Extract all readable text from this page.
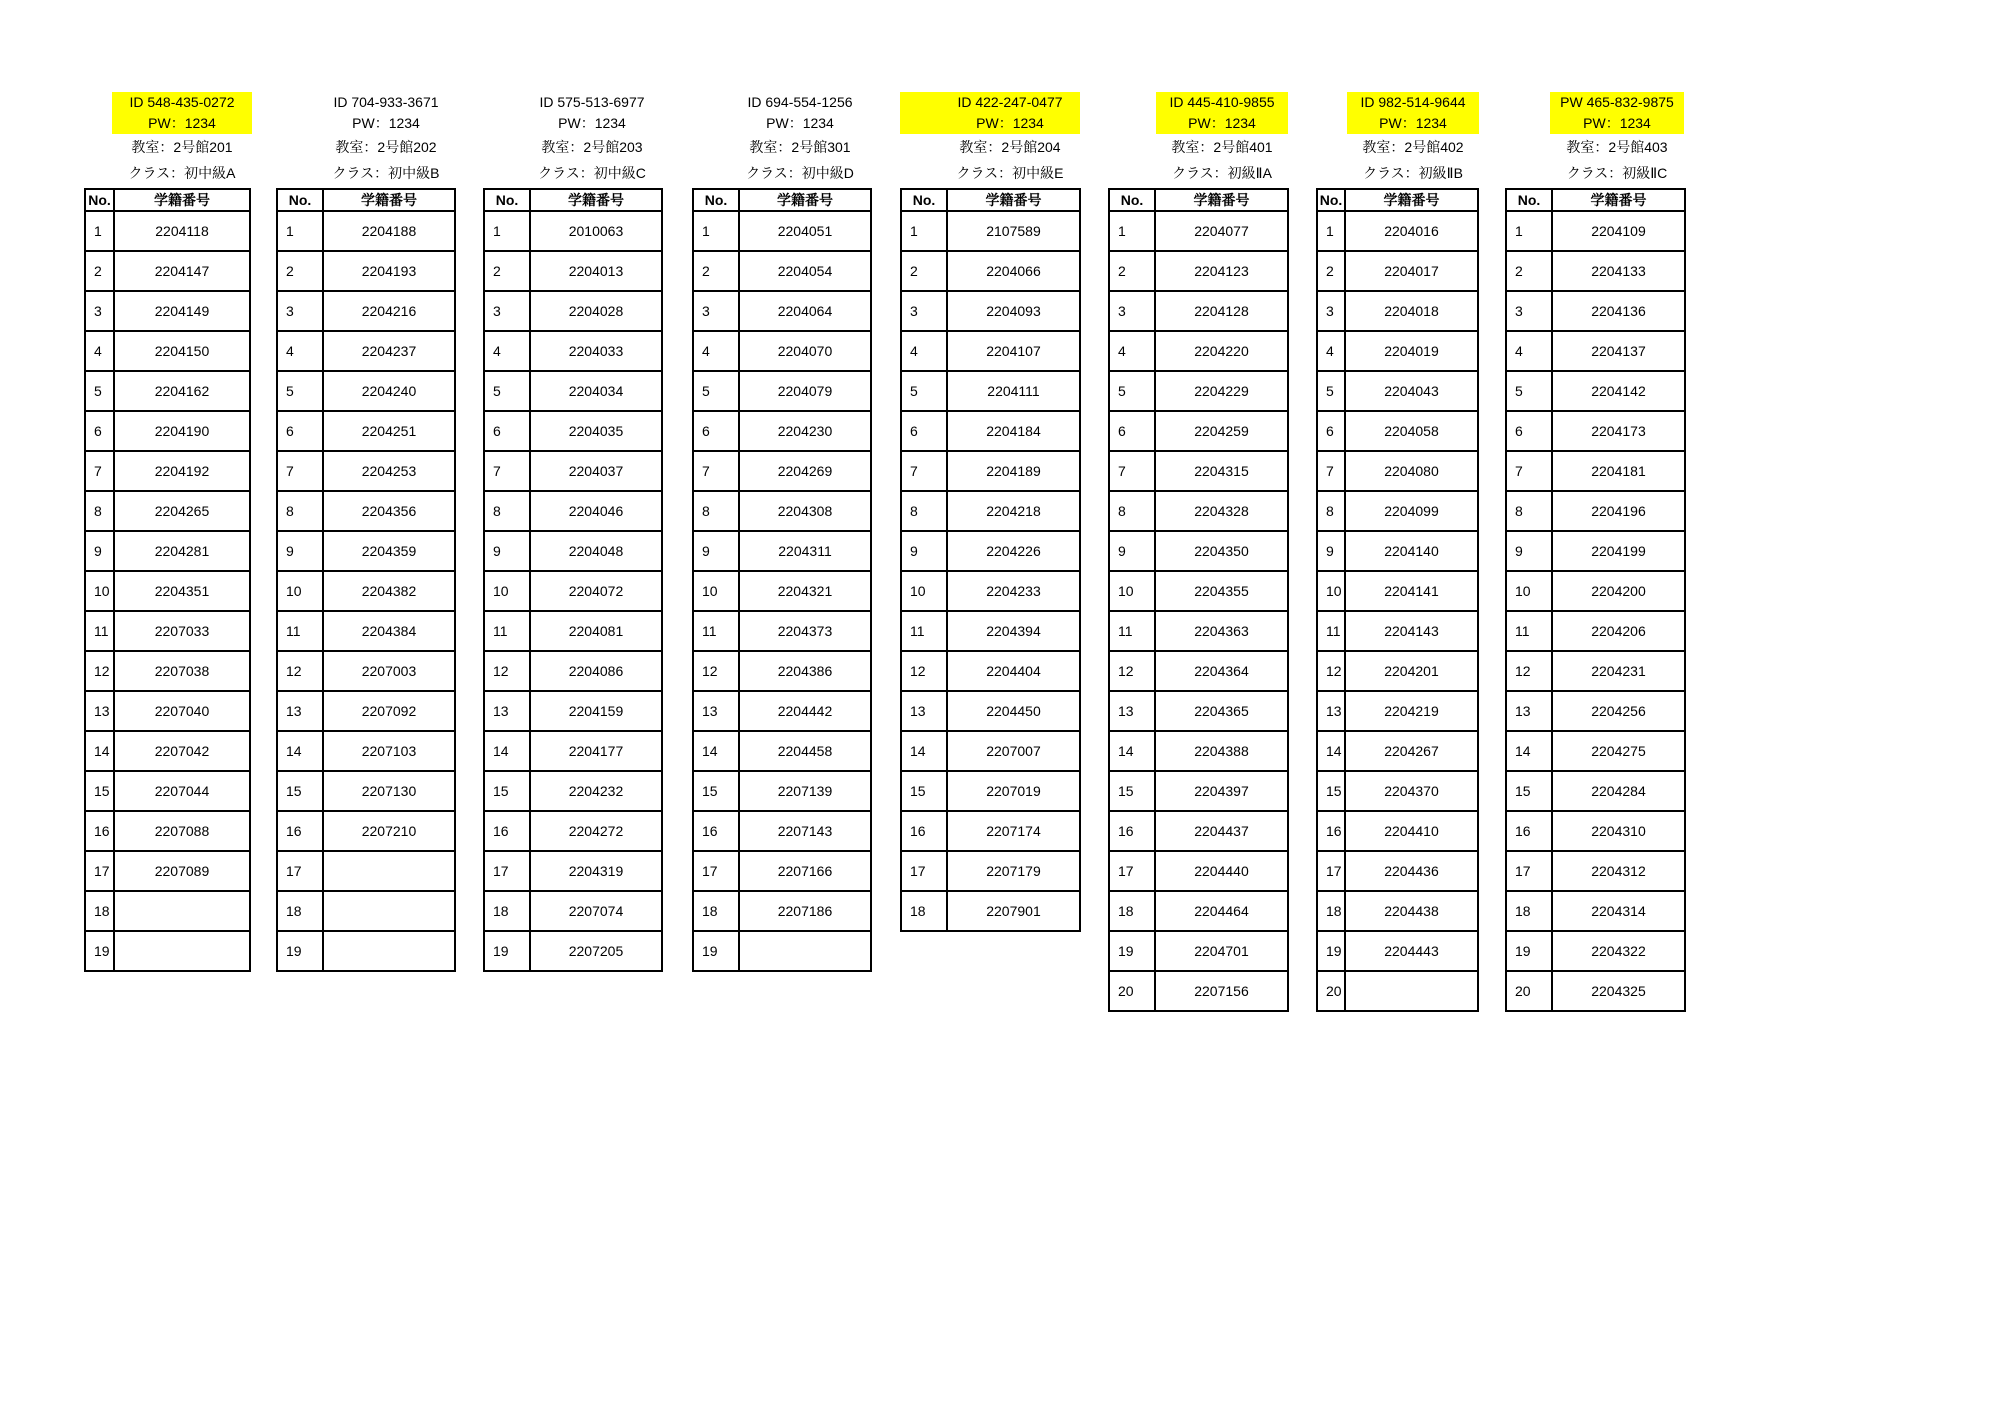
ID 548-435-0272
PW：1234
教室：2号館201
クラス：初中級A
No.	学籍番号
1	2204118
2	2204147
3	2204149
4	2204150
5	2204162
6	2204190
7	2204192
8	2204265
9	2204281
10	2204351
11	2207033
12	2207038
13	2207040
14	2207042
15	2207044
16	2207088
17	2207089
18	
19	
ID 704-933-3671
PW：1234
教室：2号館202
クラス：初中級B
No.	学籍番号
1	2204188
2	2204193
3	2204216
4	2204237
5	2204240
6	2204251
7	2204253
8	2204356
9	2204359
10	2204382
11	2204384
12	2207003
13	2207092
14	2207103
15	2207130
16	2207210
17	
18	
19	
ID 575-513-6977
PW：1234
教室：2号館203
クラス：初中級C
No.	学籍番号
1	2010063
2	2204013
3	2204028
4	2204033
5	2204034
6	2204035
7	2204037
8	2204046
9	2204048
10	2204072
11	2204081
12	2204086
13	2204159
14	2204177
15	2204232
16	2204272
17	2204319
18	2207074
19	2207205
ID 694-554-1256
PW：1234
教室：2号館301
クラス：初中級D
No.	学籍番号
1	2204051
2	2204054
3	2204064
4	2204070
5	2204079
6	2204230
7	2204269
8	2204308
9	2204311
10	2204321
11	2204373
12	2204386
13	2204442
14	2204458
15	2207139
16	2207143
17	2207166
18	2207186
19	
ID 422-247-0477
PW：1234
教室：2号館204
クラス：初中級E
No.	学籍番号
1	2107589
2	2204066
3	2204093
4	2204107
5	2204111
6	2204184
7	2204189
8	2204218
9	2204226
10	2204233
11	2204394
12	2204404
13	2204450
14	2207007
15	2207019
16	2207174
17	2207179
18	2207901
ID 445-410-9855
PW：1234
教室：2号館401
クラス：初級ⅡA
No.	学籍番号
1	2204077
2	2204123
3	2204128
4	2204220
5	2204229
6	2204259
7	2204315
8	2204328
9	2204350
10	2204355
11	2204363
12	2204364
13	2204365
14	2204388
15	2204397
16	2204437
17	2204440
18	2204464
19	2204701
20	2207156
ID 982-514-9644
PW：1234
教室：2号館402
クラス：初級ⅡB
No.	学籍番号
1	2204016
2	2204017
3	2204018
4	2204019
5	2204043
6	2204058
7	2204080
8	2204099
9	2204140
10	2204141
11	2204143
12	2204201
13	2204219
14	2204267
15	2204370
16	2204410
17	2204436
18	2204438
19	2204443
20	
PW 465-832-9875
PW：1234
教室：2号館403
クラス：初級ⅡC
No.	学籍番号
1	2204109
2	2204133
3	2204136
4	2204137
5	2204142
6	2204173
7	2204181
8	2204196
9	2204199
10	2204200
11	2204206
12	2204231
13	2204256
14	2204275
15	2204284
16	2204310
17	2204312
18	2204314
19	2204322
20	2204325
